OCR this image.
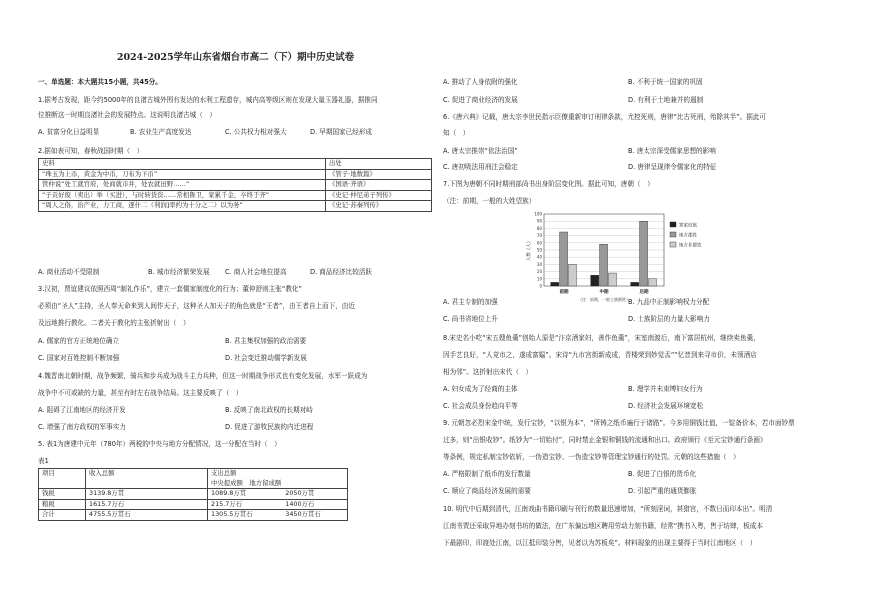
2024-2025学年山东省烟台市高二（下）期中历史试卷
一、单选题：本大题共15小题，共45分。
1.据考古发现，距今约5000年的良渚古城外围有发达的水利工程遗存，城内高等级区则在发现大量玉器礼器，据推同
位推断这一时期良渚社会的发展特点。这说明良渚古城（　）
A. 贫富分化日益明显	B. 农业生产高度发达	C. 公共权力相对强大	D. 早期国家已经形成
2.据如表可知，春秋战国时期（　）
史料	出处
“珠玉为上币，黄金为中币，刀布为下币”	《管子·地数篇》
管仲说“处工就官府，处商就市井，处农就田野……”	《国语·齐语》
“子贡好废（卖出）举（买进），与时转货资……常相鲁卫，家累千金，卒终于齐”	《史记·仲尼弟子列传》
“周人之俗，治产业，力工商，逐什二（利润]率约为十分之二）以为务”	《史记·苏秦列传》
A. 商业活动不受限制	B. 城市经济繁荣发展 C. 商人社会地位提高	D. 商品经济比较活跃
3.汉初，贾谊建议依照西周“制礼作乐”，建立一套儒家制度化的行为；董仲舒则主张“教化”
必须由“圣人”主持，圣人奉天命来到人间作天子，这种圣人加天子的角色就是“王者”，由王者自上而下，由近
及远地推行教化。二者关于教化的主张折射出（　）
A. 儒家的官方正统地位确立	B. 君主集权加强的政治需要
C. 国家对百姓控制不断加强	D. 社会变迁推动儒学新发展
4.魏晋南北朝时期，战争频繁，骑兵和步兵成为战斗主力兵种，但这一时期战争形式也有变化发展，水军一跃成为
战争中不可或缺的力量，甚至有时左右战争结局。这主要反映了（　）
A. 阻碍了江南地区的经济开发	B. 反映了南北政权的长期对峙
C. 增强了南方政权的军事实力	D. 促进了游牧民族的内迁进程
5. 表1为唐建中元年（780年）两税的中央与地方分配情况，这一分配在当时（　）
表1
项目	收入总额	支出总额	
		中央提成额　地方留成额	
钱税	3139.8万贯	1089.8万贯	2050万贯
粮税	1615.7万石	215.7万石	1400万石
合计	4755.5万贯石	1305.5万贯石	3450万贯石
A. 推动了人身依附的强化	B. 不利于统一国家的巩固
C. 促进了商业经济的发展	D. 有利于土地兼并的遏制
6.《唐六典》记载，唐太宗李世民指示臣僚重新审订刑律条款，尤控死刑，唐律“比古死刑，殆除其半”。据此可
知（　）
A. 唐太宗推崇“依法治国”	B. 唐太宗深受儒家思想的影响
C. 唐初吸法用刑注会稳定	D. 唐律呈现律令儒家化的特征
7.下图为唐朝不同时期刑部尚书出身阶层变化图。据此可知，唐朝（　）
（注：前期，一般的大姓望族）
0
10
20
30
40
50
60
70
80
90
100
人数（人）
前期	中期	后期
（注：前期，一般士族郡姓）
寒家庶族
地方郡姓
地方非郡姓
A. 君主专制的加强	B. 九品中正制影响权力分配
C. 尚书省地位上升	D. 士族阶层的力量大影响力
8.宋史名小吃“宋五嫂鱼羹”创始人原是“汴京酒家妇，善作鱼羹”，宋室南渡后，南下富居杭州，继续卖鱼羹，
因手艺良好，“人竞市之，遂成富媪”。宋诗“九市宫街新成成，青楼荣到妙觉盂”“忆昔到来寻市价，未领酒店
相为邻”。这折射出宋代（　）
A. 妇女成为了经商的主体	B. 理学并未束缚妇女行为
C. 社会成员身份趋向平等	D. 经济社会发展环境宽松
9. 元朝忽必烈宋金中统，发行宝钞，“以银为本”，“所铸之纸币遍行于诸路”。今多用铜钱比值，一锭备价本，若市面钞票
过多，则“出银收钞”。纸钞为“一切始付”，同时禁止金银和铜钱的流通和出口。政府颁行《至元宝钞通行条画》
等条例，规定私制宝钞依斩，一伪造宝钞、一伪造宝钞等管理宝钞通行的处罚。元朝的这些措施（　）
A. 严格限制了纸币的发行数量	B. 促进了白银的货币化
C. 顺应了商品经济发展的需要	D. 引起严重的通货膨胀
10. 明代中后期到清代，江南戏曲书籍印刷与刊行的数量迅速增加，“所刻淫词，甚猎宫，不数日而印本出”。明清
江南书贾还采取异地办刻书坊的做法，在广东偏远地区聘用劳动力刻书籍，经常“携书入粤，售于坊肆，板成本
下最剧印，印渡处江南，以江抵印装分售，见者以为苏板矣”。材料现象的出现主要得于当时江南地区（　）
